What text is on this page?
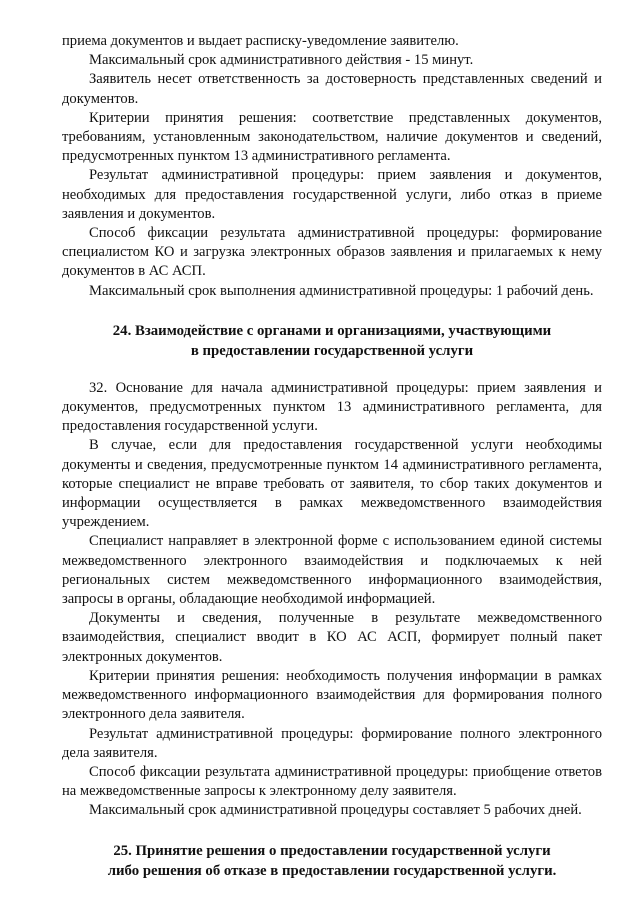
приема документов и выдает расписку-уведомление заявителю.

Максимальный срок административного действия - 15 минут.

Заявитель несет ответственность за достоверность представленных сведений и документов.

Критерии принятия решения: соответствие представленных документов, требованиям, установленным законодательством, наличие документов и сведений, предусмотренных пунктом 13 административного регламента.

Результат административной процедуры: прием заявления и документов, необходимых для предоставления государственной услуги, либо отказ в приеме заявления и документов.

Способ фиксации результата административной процедуры: формирование специалистом КО и загрузка электронных образов заявления и прилагаемых к нему документов в АС АСП.

Максимальный срок выполнения административной процедуры: 1 рабочий день.

24. Взаимодействие с органами и организациями, участвующими
в предоставлении государственной услуги

32. Основание для начала административной процедуры: прием заявления и документов, предусмотренных пунктом 13 административного регламента, для предоставления государственной услуги.

В случае, если для предоставления государственной услуги необходимы документы и сведения, предусмотренные пунктом 14 административного регламента, которые специалист не вправе требовать от заявителя, то сбор таких документов и информации осуществляется в рамках межведомственного взаимодействия учреждением.

Специалист направляет в электронной форме с использованием единой системы межведомственного электронного взаимодействия и подключаемых к ней региональных систем межведомственного информационного взаимодействия, запросы в органы, обладающие необходимой информацией.

Документы и сведения, полученные в результате межведомственного взаимодействия, специалист вводит в КО АС АСП, формирует полный пакет электронных документов.

Критерии принятия решения: необходимость получения информации в рамках межведомственного информационного взаимодействия для формирования полного электронного дела заявителя.

Результат административной процедуры: формирование полного электронного дела заявителя.

Способ фиксации результата административной процедуры: приобщение ответов на межведомственные запросы к электронному делу заявителя.

Максимальный срок административной процедуры составляет 5 рабочих дней.

25. Принятие решения о предоставлении государственной услуги
либо решения об отказе в предоставлении государственной услуги.
